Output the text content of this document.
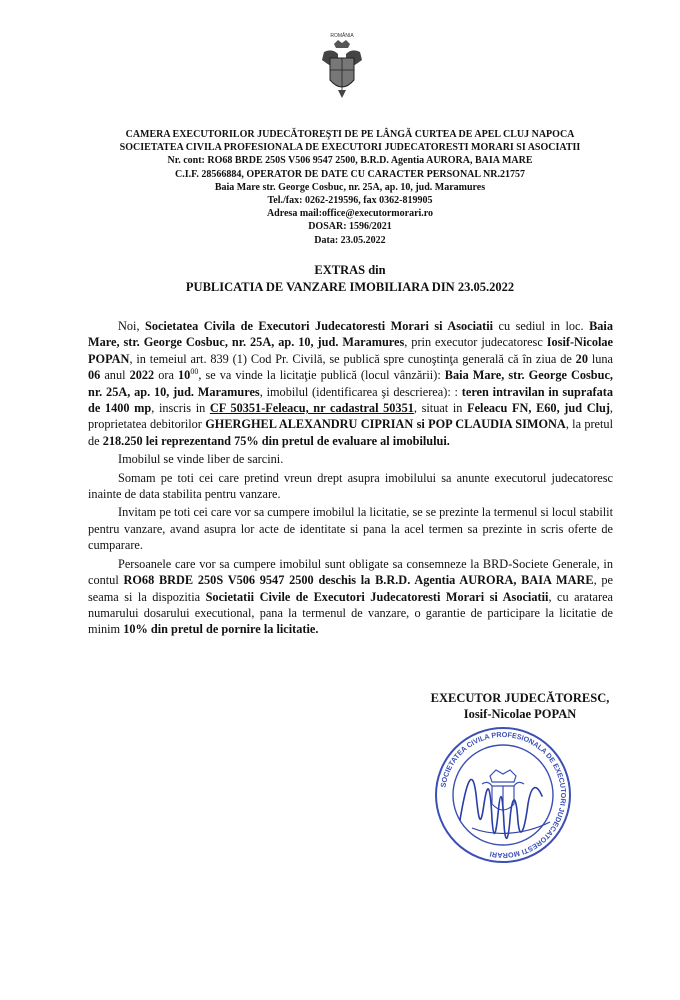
ROMÂNIA
CAMERA EXECUTORILOR JUDECĂTOREŞTI DE PE LÂNGĂ CURTEA DE APEL CLUJ NAPOCA
SOCIETATEA CIVILA PROFESIONALA DE EXECUTORI JUDECATORESTI MORARI SI ASOCIATII
Nr. cont: RO68 BRDE 250S V506 9547 2500, B.R.D. Agentia AURORA, BAIA MARE
C.I.F. 28566884, OPERATOR DE DATE CU CARACTER PERSONAL NR.21757
Baia Mare str. George Cosbuc, nr. 25A, ap. 10, jud. Maramures
Tel./fax: 0262-219596, fax 0362-819905
Adresa mail:office@executormorari.ro
DOSAR: 1596/2021
Data: 23.05.2022
EXTRAS din
PUBLICATIA DE VANZARE IMOBILIARA DIN 23.05.2022

Noi, Societatea Civila de Executori Judecatoresti Morari si Asociatii cu sediul in loc. Baia Mare, str. George Cosbuc, nr. 25A, ap. 10, jud. Maramures, prin executor judecatoresc Iosif-Nicolae POPAN, in temeiul art. 839 (1) Cod Pr. Civilă, se publică spre cunoştinţa generală că în ziua de 20 luna 06 anul 2022 ora $10^{00}$, se va vinde la licitaţie publică (locul vânzării): Baia Mare, str. George Cosbuc, nr. 25A, ap. 10, jud. Maramures, imobilul (identificarea şi descrierea): : teren intravilan in suprafata de 1400 mp, inscris in CF 50351-Feleacu, nr cadastral 50351, situat in Feleacu FN, E60, jud Cluj, proprietatea debitorilor GHERGHEL ALEXANDRU CIPRIAN si POP CLAUDIA SIMONA, la pretul de 218.250 lei reprezentand 75% din pretul de evaluare al imobilului.

Imobilul se vinde liber de sarcini.

Somam pe toti cei care pretind vreun drept asupra imobilului sa anunte executorul judecatoresc inainte de data stabilita pentru vanzare.

Invitam pe toti cei care vor sa cumpere imobilul la licitatie, se se prezinte la termenul si locul stabilit pentru vanzare, avand asupra lor acte de identitate si pana la acel termen sa prezinte in scris oferte de cumparare.

Persoanele care vor sa cumpere imobilul sunt obligate sa consemneze la BRD-Societe Generale, in contul RO68 BRDE 250S V506 9547 2500 deschis la B.R.D. Agentia AURORA, BAIA MARE, pe seama si la dispozitia Societatii Civile de Executori Judecatoresti Morari si Asociatii, cu aratarea numarului dosarului executional, pana la termenul de vanzare, o garantie de participare la licitatie de minim 10% din pretul de pornire la licitatie.

EXECUTOR JUDECĂTORESC,
Iosif-Nicolae POPAN
SOCIETATEA CIVILA PROFESIONALA DE EXECUTORI JUDECATORESTI MORARI
